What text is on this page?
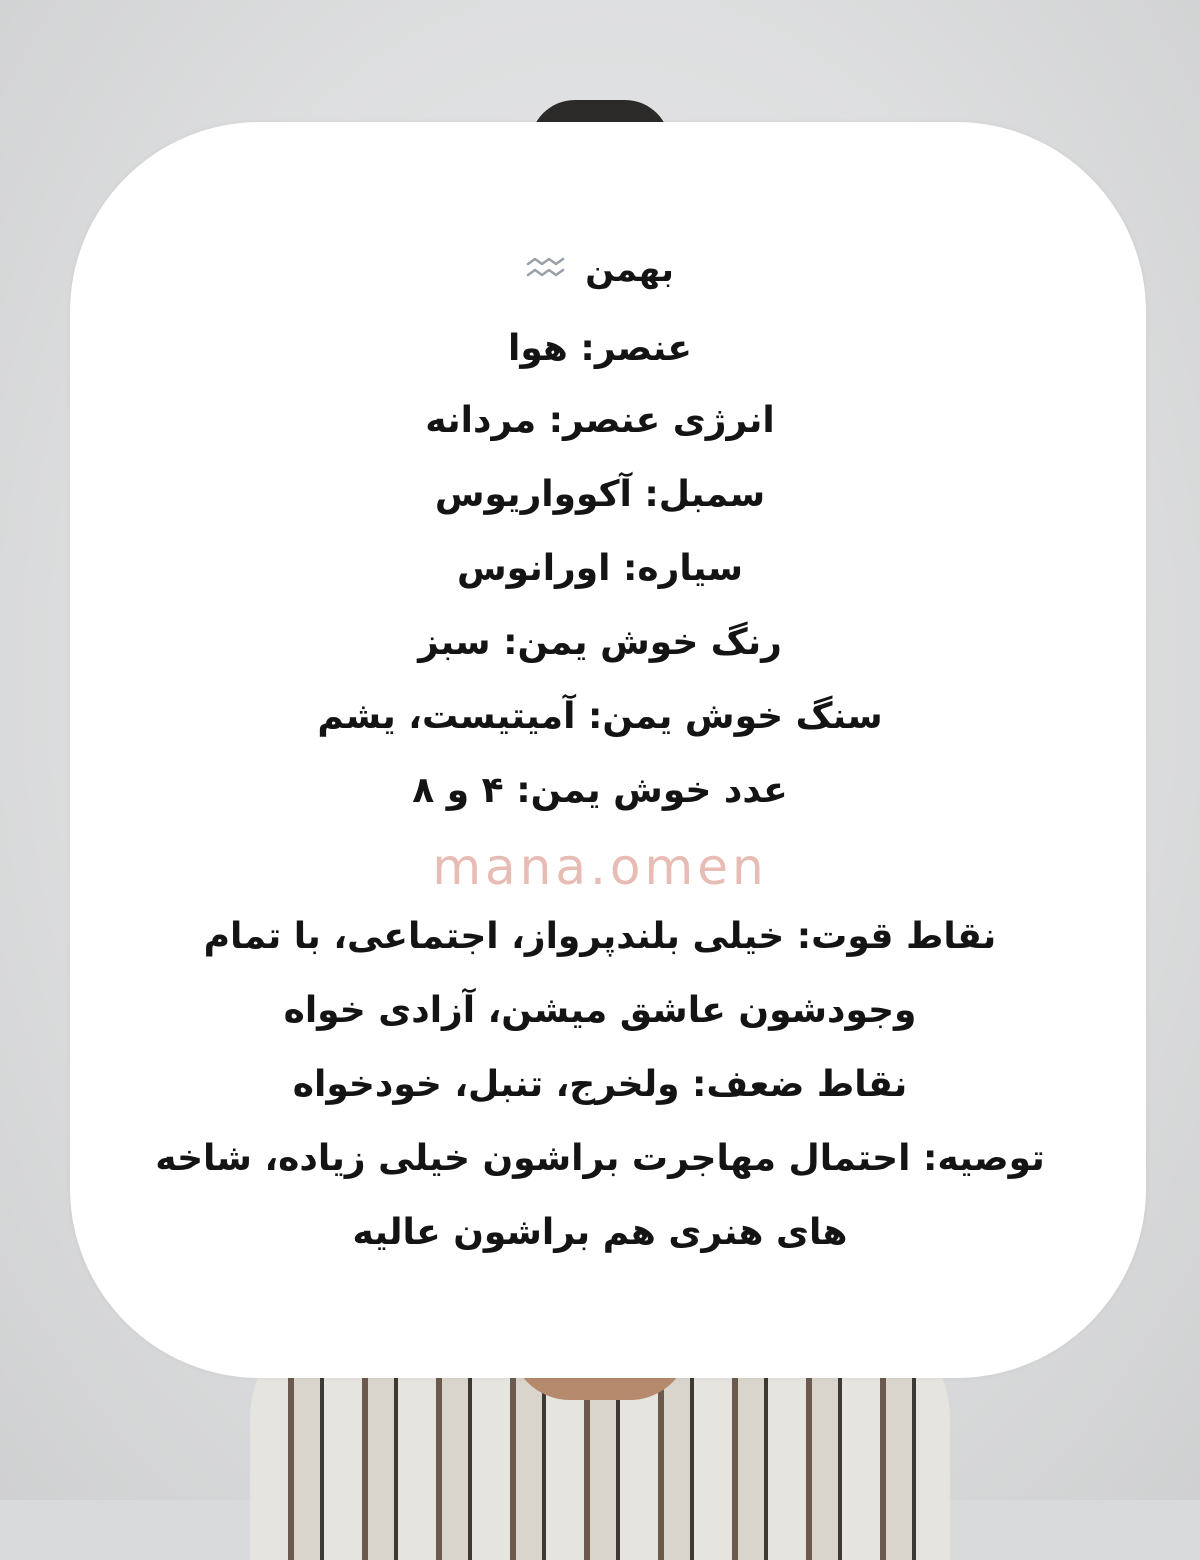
بهمن
عنصر: هوا
انرژی عنصر: مردانه
سمبل: آکوواریوس
سیاره: اورانوس
رنگ خوش یمن: سبز
سنگ خوش یمن: آمیتیست، یشم
عدد خوش یمن: ۴ و ۸
mana.omen
نقاط قوت: خیلی بلندپرواز، اجتماعی، با تمام
وجودشون عاشق میشن، آزادی خواه
نقاط ضعف: ولخرج، تنبل، خودخواه
توصیه: احتمال مهاجرت براشون خیلی زیاده، شاخه
های هنری هم براشون عالیه
